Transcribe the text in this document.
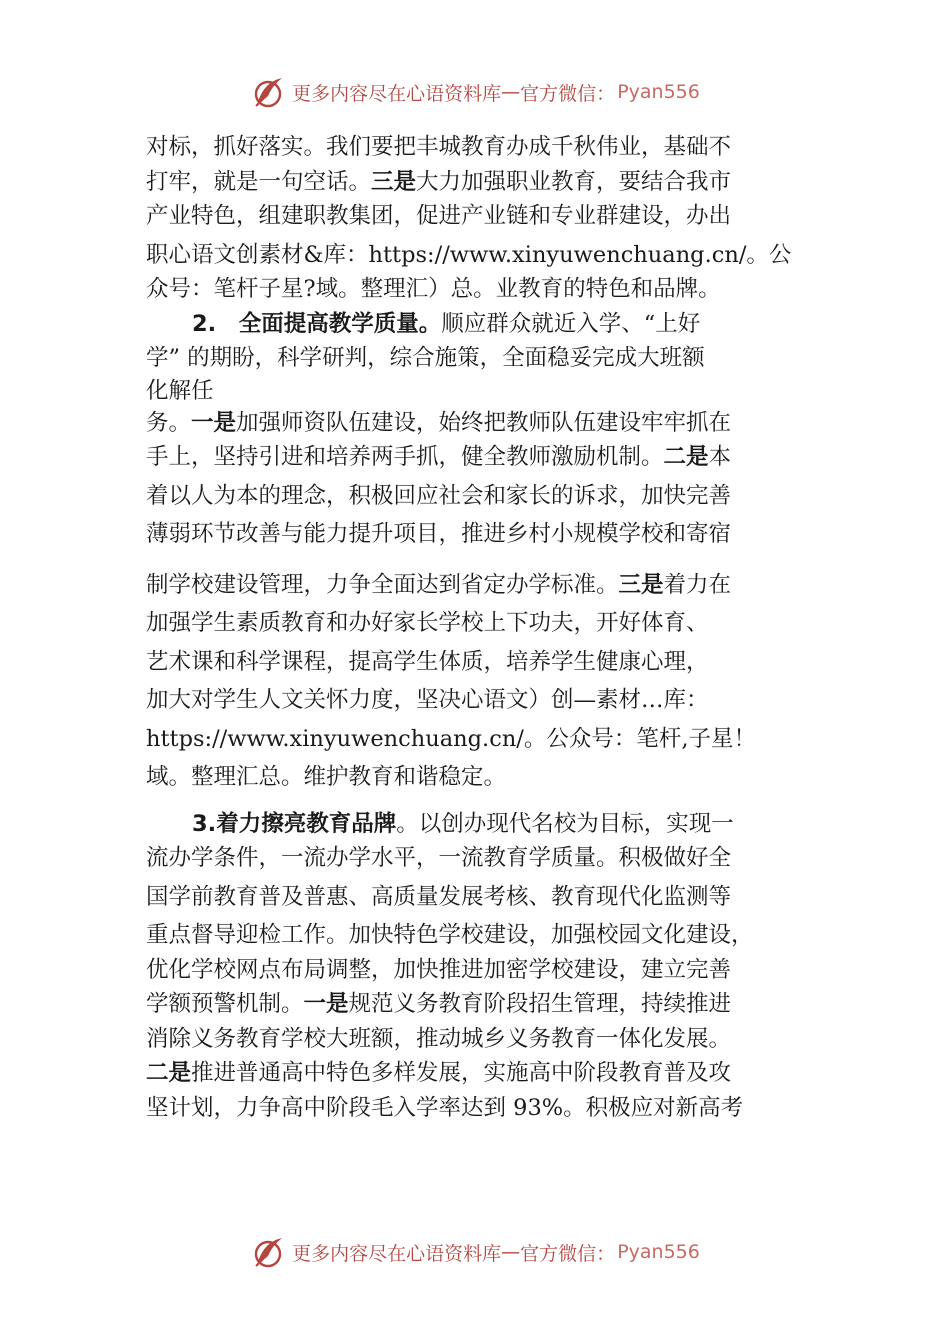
更多内容尽在心语资料库 — 官方微信： Pyan556
对标，抓好落实。我们要把丰城教育办成千秋伟业，基础不
打牢，就是一句空话。三是大力加强职业教育，要结合我市
产业特色，组建职教集团，促进产业链和专业群建设，办出
职心语文创素材&库：https://www.xinyuwenchuang.cn/。公
众号：笔杆子星?域。整理汇）总。业教育的特色和品牌。
2.　全面提高教学质量。顺应群众就近入学、“上好
学” 的期盼，科学研判，综合施策，全面稳妥完成大班额
化解任
务。一是加强师资队伍建设，始终把教师队伍建设牢牢抓在
手上，坚持引进和培养两手抓，健全教师激励机制。二是本
着以人为本的理念，积极回应社会和家长的诉求，加快完善
薄弱环节改善与能力提升项目，推进乡村小规模学校和寄宿
制学校建设管理，力争全面达到省定办学标准。三是着力在
加强学生素质教育和办好家长学校上下功夫，开好体育、
艺术课和科学课程，提高学生体质，培养学生健康心理，
加大对学生人文关怀力度，坚决心语文）创—素材…库：
https://www.xinyuwenchuang.cn/。公众号：笔杆,子星！
域。整理汇总。维护教育和谐稳定。
3.着力擦亮教育品牌。以创办现代名校为目标，实现一
流办学条件，一流办学水平，一流教育学质量。积极做好全
国学前教育普及普惠、高质量发展考核、教育现代化监测等
重点督导迎检工作。加快特色学校建设，加强校园文化建设，
优化学校网点布局调整，加快推进加密学校建设，建立完善
学额预警机制。一是规范义务教育阶段招生管理，持续推进
消除义务教育学校大班额，推动城乡义务教育一体化发展。
二是推进普通高中特色多样发展，实施高中阶段教育普及攻
坚计划，力争高中阶段毛入学率达到 93%。积极应对新高考
更多内容尽在心语资料库 — 官方微信： Pyan556
